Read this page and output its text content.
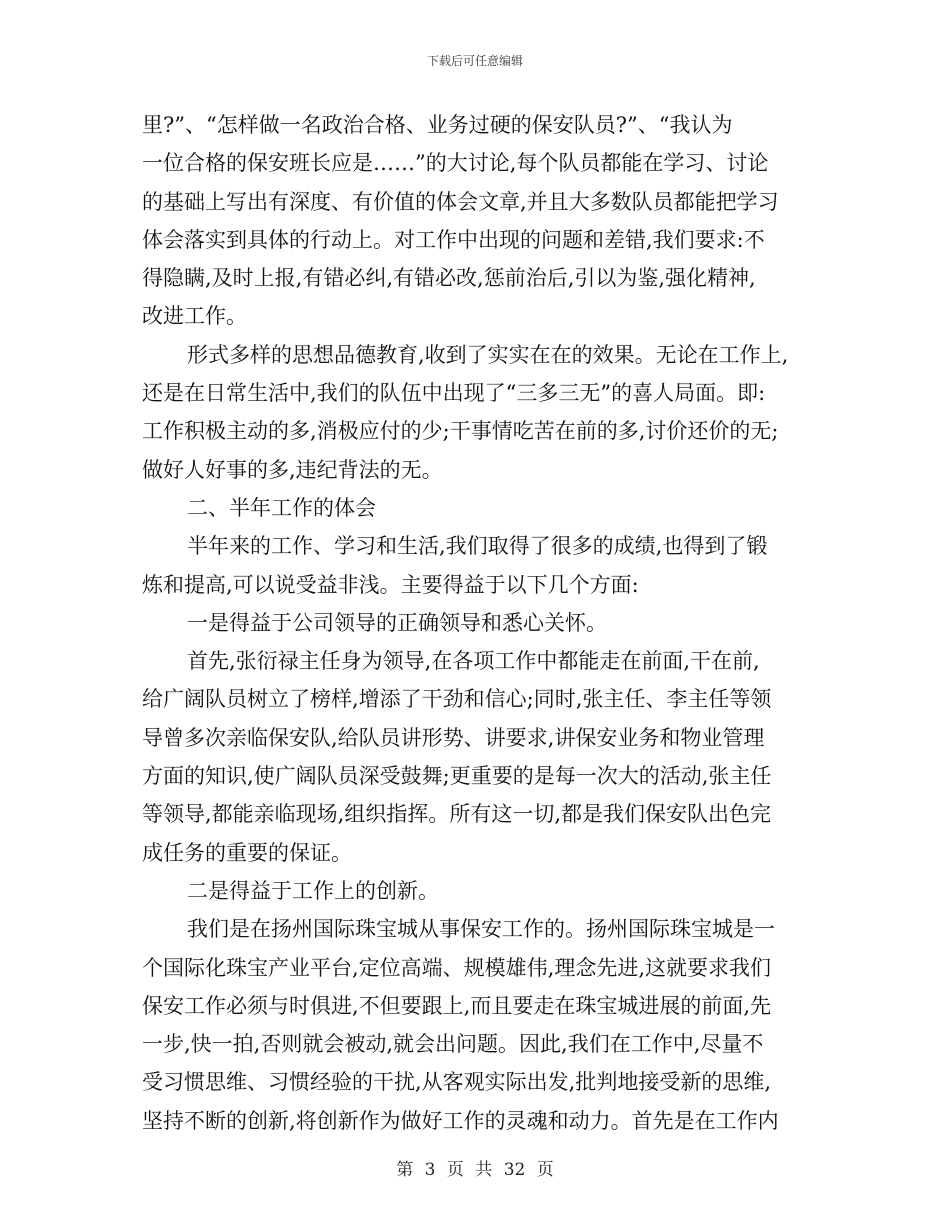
下载后可任意编辑
里?”、“怎样做一名政治合格、业务过硬的保安队员?”、“我认为
一位合格的保安班长应是……”的大讨论,每个队员都能在学习、讨论
的基础上写出有深度、有价值的体会文章,并且大多数队员都能把学习
体会落实到具体的行动上。对工作中出现的问题和差错,我们要求:不
得隐瞒,及时上报,有错必纠,有错必改,惩前治后,引以为鉴,强化精神,
改进工作。
形式多样的思想品德教育,收到了实实在在的效果。无论在工作上,
还是在日常生活中,我们的队伍中出现了“三多三无”的喜人局面。即:
工作积极主动的多,消极应付的少;干事情吃苦在前的多,讨价还价的无;
做好人好事的多,违纪背法的无。
二、半年工作的体会
半年来的工作、学习和生活,我们取得了很多的成绩,也得到了锻
炼和提高,可以说受益非浅。主要得益于以下几个方面:
一是得益于公司领导的正确领导和悉心关怀。
首先,张衍禄主任身为领导,在各项工作中都能走在前面,干在前,
给广阔队员树立了榜样,增添了干劲和信心;同时,张主任、李主任等领
导曾多次亲临保安队,给队员讲形势、讲要求,讲保安业务和物业管理
方面的知识,使广阔队员深受鼓舞;更重要的是每一次大的活动,张主任
等领导,都能亲临现场,组织指挥。所有这一切,都是我们保安队出色完
成任务的重要的保证。
二是得益于工作上的创新。
我们是在扬州国际珠宝城从事保安工作的。扬州国际珠宝城是一
个国际化珠宝产业平台,定位高端、规模雄伟,理念先进,这就要求我们
保安工作必须与时俱进,不但要跟上,而且要走在珠宝城进展的前面,先
一步,快一拍,否则就会被动,就会出问题。因此,我们在工作中,尽量不
受习惯思维、习惯经验的干扰,从客观实际出发,批判地接受新的思维,
坚持不断的创新,将创新作为做好工作的灵魂和动力。首先是在工作内
第 3 页 共 32 页
